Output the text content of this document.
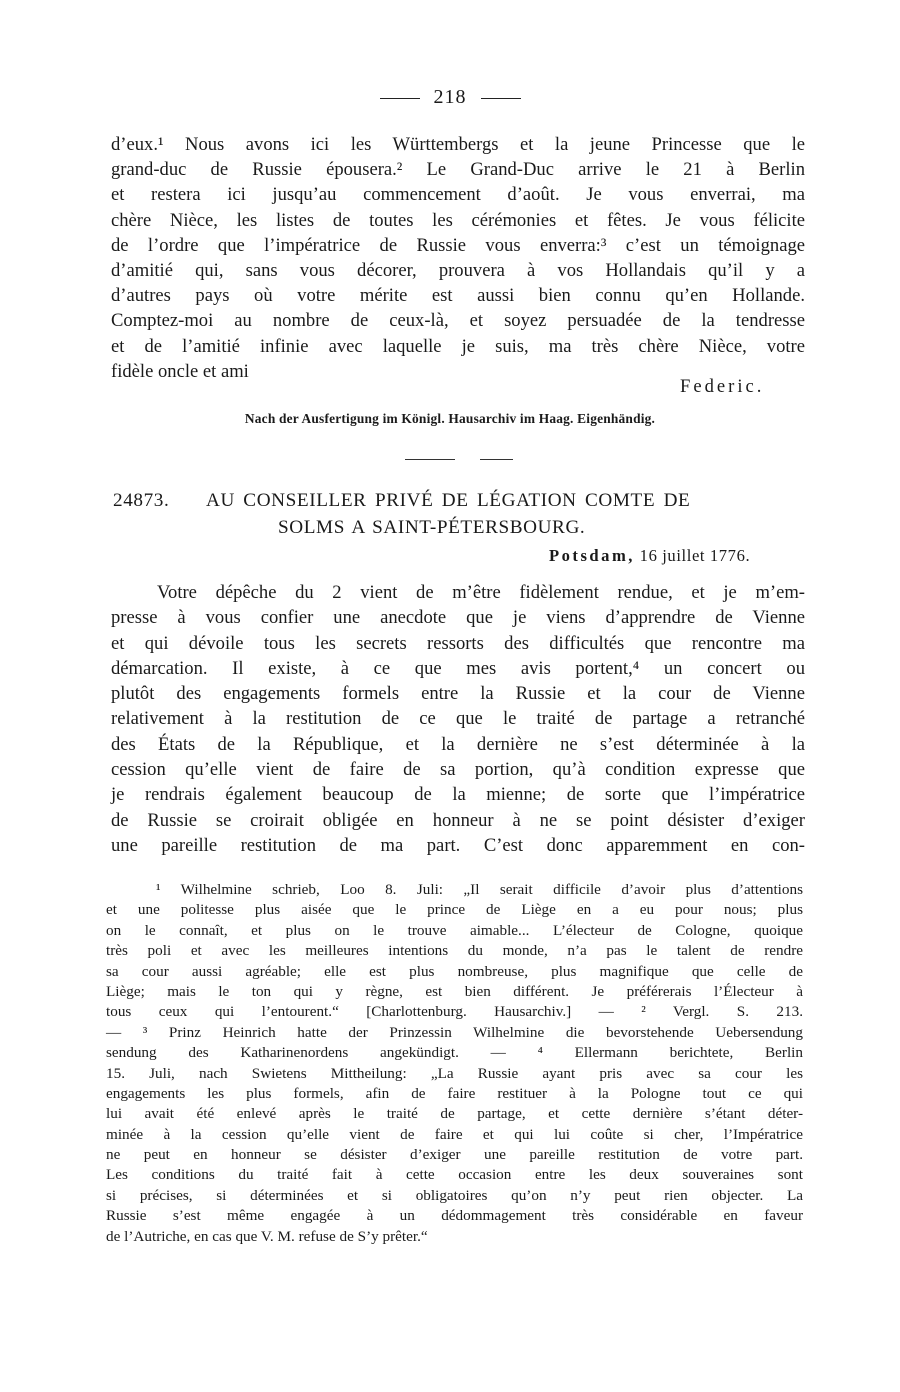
218
d’eux.¹ Nous avons ici les Württembergs et la jeune Princesse que le
grand-duc de Russie épousera.² Le Grand-Duc arrive le 21 à Berlin
et restera ici jusqu’au commencement d’août. Je vous enverrai, ma
chère Nièce, les listes de toutes les cérémonies et fêtes. Je vous félicite
de l’ordre que l’impératrice de Russie vous enverra:³ c’est un témoignage
d’amitié qui, sans vous décorer, prouvera à vos Hollandais qu’il y a
d’autres pays où votre mérite est aussi bien connu qu’en Hollande.
Comptez-moi au nombre de ceux-là, et soyez persuadée de la tendresse
et de l’amitié infinie avec laquelle je suis, ma très chère Nièce, votre
fidèle oncle et ami
Federic.
Nach der Ausfertigung im Königl. Hausarchiv im Haag. Eigenhändig.
24873. AU CONSEILLER PRIVÉ DE LÉGATION COMTE DE
SOLMS A SAINT-PÉTERSBOURG.
Potsdam, 16 juillet 1776.
Votre dépêche du 2 vient de m’être fidèlement rendue, et je m’em-
presse à vous confier une anecdote que je viens d’apprendre de Vienne
et qui dévoile tous les secrets ressorts des difficultés que rencontre ma
démarcation. Il existe, à ce que mes avis portent,⁴ un concert ou
plutôt des engagements formels entre la Russie et la cour de Vienne
relativement à la restitution de ce que le traité de partage a retranché
des États de la République, et la dernière ne s’est déterminée à la
cession qu’elle vient de faire de sa portion, qu’à condition expresse que
je rendrais également beaucoup de la mienne; de sorte que l’impératrice
de Russie se croirait obligée en honneur à ne se point désister d’exiger
une pareille restitution de ma part. C’est donc apparemment en con-
¹ Wilhelmine schrieb, Loo 8. Juli: „Il serait difficile d’avoir plus d’attentions
et une politesse plus aisée que le prince de Liège en a eu pour nous; plus
on le connaît, et plus on le trouve aimable... L’électeur de Cologne, quoique
très poli et avec les meilleures intentions du monde, n’a pas le talent de rendre
sa cour aussi agréable; elle est plus nombreuse, plus magnifique que celle de
Liège; mais le ton qui y règne, est bien différent. Je préférerais l’Électeur à
tous ceux qui l’entourent.“ [Charlottenburg. Hausarchiv.] — ² Vergl. S. 213.
— ³ Prinz Heinrich hatte der Prinzessin Wilhelmine die bevorstehende Uebersendung
sendung des Katharinenordens angekündigt. — ⁴ Ellermann berichtete, Berlin
15. Juli, nach Swietens Mittheilung: „La Russie ayant pris avec sa cour les
engagements les plus formels, afin de faire restituer à la Pologne tout ce qui
lui avait été enlevé après le traité de partage, et cette dernière s’étant déter-
minée à la cession qu’elle vient de faire et qui lui coûte si cher, l’Impératrice
ne peut en honneur se désister d’exiger une pareille restitution de votre part.
Les conditions du traité fait à cette occasion entre les deux souveraines sont
si précises, si déterminées et si obligatoires qu’on n’y peut rien objecter. La
Russie s’est même engagée à un dédommagement très considérable en faveur
de l’Autriche, en cas que V. M. refuse de S’y prêter.“
